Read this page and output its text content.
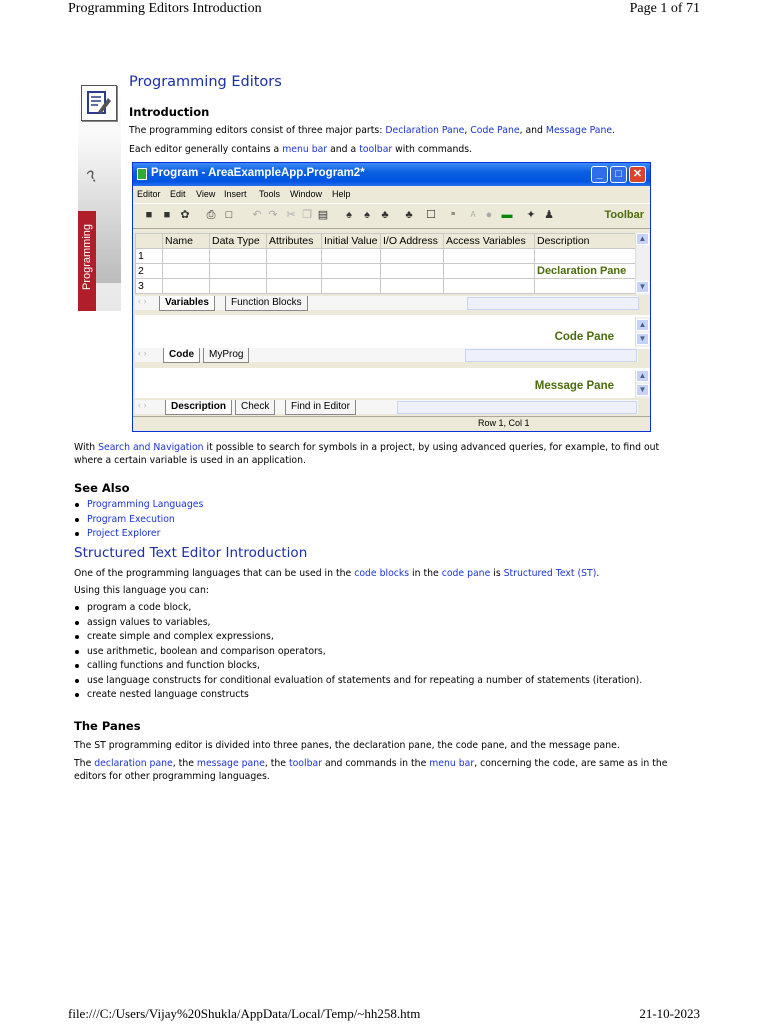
Programming Editors Introduction	Page 1 of 71
?
Programming
Programming Editors
Introduction

The programming editors consist of three major parts: Declaration Pane, Code Pane, and Message Pane.

Each editor generally contains a menu bar and a toolbar with commands.

Program - AreaExampleApp.Program2*	_	□	✕
Editor Edit View Insert Tools Window Help
■ ■ ✿ ⎙ □ ↶ ↷ ✂ ❐ ▤ ♠ ♠ ♣ ♣ ☐	≡	A ● ▬ ✦ ♟	Toolbar
	Name	Data Type	Attributes	Initial Value	I/O Address	Access Variables	Description
1							
2							Declaration Pane
3							
▲
▼
‹ ›	Variables	Function Blocks
Code Pane
▲
▼
‹ ›	Code	MyProg
Message Pane
▲
▼
‹ ›	Description	Check	Find in Editor
Row 1, Col 1

With Search and Navigation it possible to search for symbols in a project, by using advanced queries, for example, to find out
where a certain variable is used in an application.

See Also
Programming Languages
Program Execution
Project Explorer
Structured Text Editor Introduction

One of the programming languages that can be used in the code blocks in the code pane is Structured Text (ST).

Using this language you can:

program a code block,
assign values to variables,
create simple and complex expressions,
use arithmetic, boolean and comparison operators,
calling functions and function blocks,
use language constructs for conditional evaluation of statements and for repeating a number of statements (iteration).
create nested language constructs
The Panes

The ST programming editor is divided into three panes, the declaration pane, the code pane, and the message pane.

The declaration pane, the message pane, the toolbar and commands in the menu bar, concerning the code, are same as in the
editors for other programming languages.

file:///C:/Users/Vijay%20Shukla/AppData/Local/Temp/~hh258.htm	21-10-2023
